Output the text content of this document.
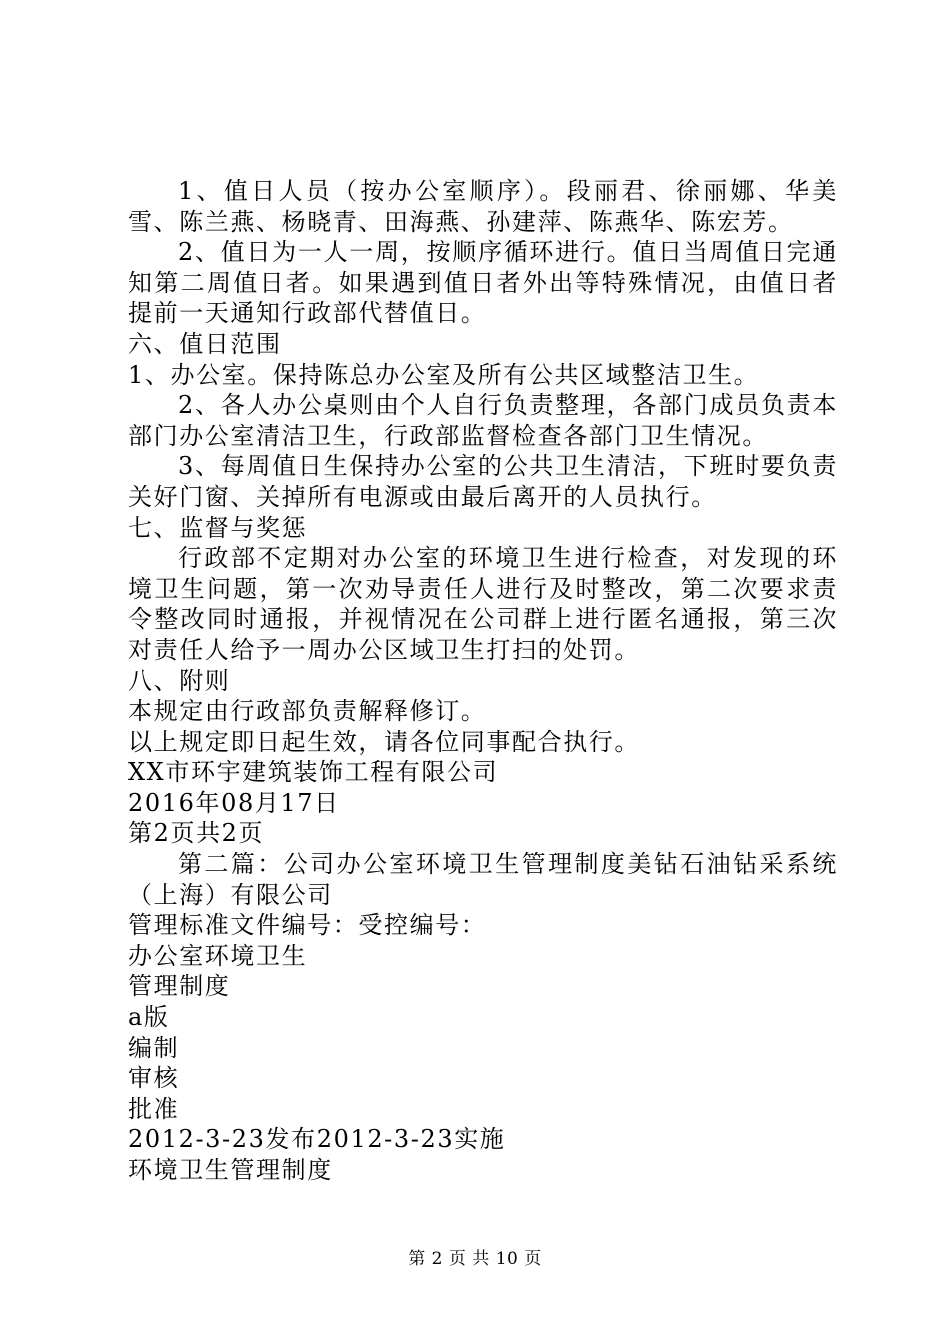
1、值日人员（按办公室顺序）。段丽君、徐丽娜、华美雪、陈兰燕、杨晓青、田海燕、孙建萍、陈燕华、陈宏芳。

2、值日为一人一周，按顺序循环进行。值日当周值日完通知第二周值日者。如果遇到值日者外出等特殊情况，由值日者提前一天通知行政部代替值日。

六、值日范围

1、办公室。保持陈总办公室及所有公共区域整洁卫生。

2、各人办公桌则由个人自行负责整理，各部门成员负责本部门办公室清洁卫生，行政部监督检查各部门卫生情况。

3、每周值日生保持办公室的公共卫生清洁，下班时要负责关好门窗、关掉所有电源或由最后离开的人员执行。

七、监督与奖惩

行政部不定期对办公室的环境卫生进行检查，对发现的环境卫生问题，第一次劝导责任人进行及时整改，第二次要求责令整改同时通报，并视情况在公司群上进行匿名通报，第三次对责任人给予一周办公区域卫生打扫的处罚。

八、附则

本规定由行政部负责解释修订。

以上规定即日起生效，请各位同事配合执行。

XX市环宇建筑装饰工程有限公司

2016年08月17日

第2页共2页

第二篇：公司办公室环境卫生管理制度美钻石油钻采系统（上海）有限公司

管理标准文件编号：受控编号：

办公室环境卫生

管理制度

a版

编制

审核

批准

2012-3-23发布2012-3-23实施

环境卫生管理制度

第 2 页 共 10 页
